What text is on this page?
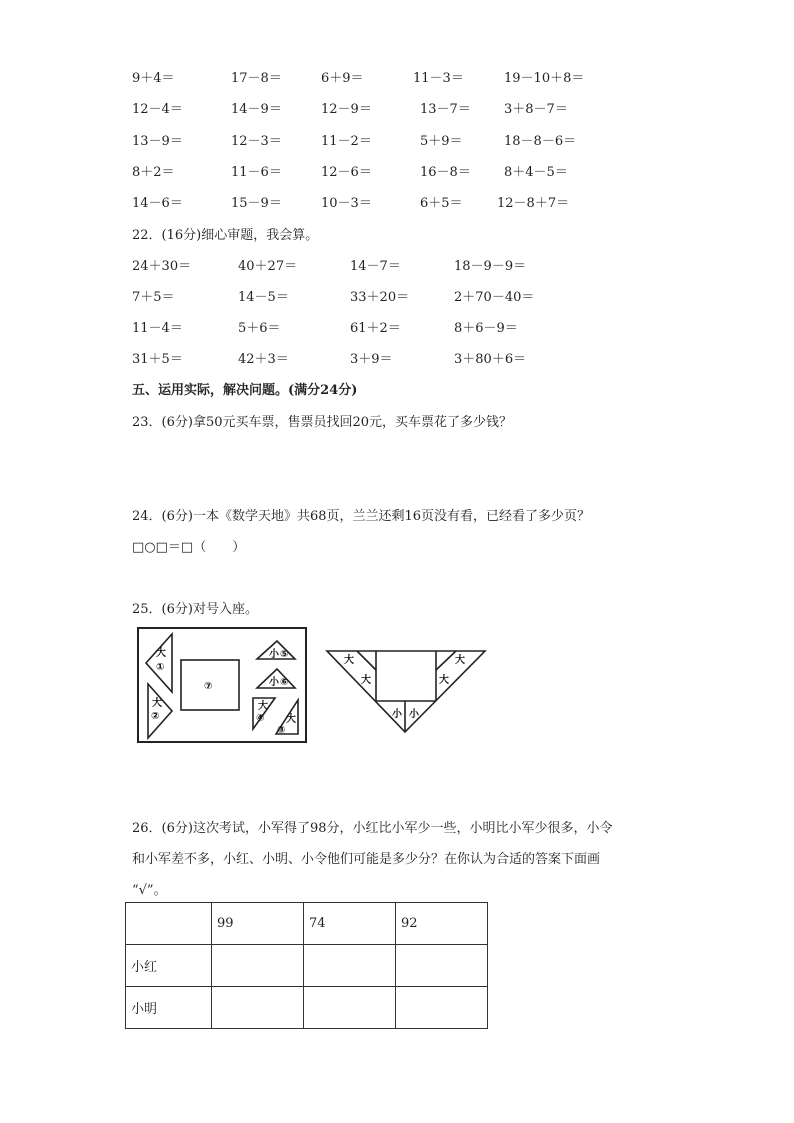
9＋4＝	17－8＝	6＋9＝	11－3＝	19－10＋8＝
12－4＝	14－9＝	12－9＝	13－7＝	3＋8－7＝
13－9＝	12－3＝	11－2＝	5＋9＝	18－8－6＝
8＋2＝	11－6＝	12－6＝	16－8＝	8＋4－5＝
14－6＝	15－9＝	10－3＝	6＋5＝	12－8＋7＝
22．(16分)细心审题，我会算。
24＋30＝	40＋27＝	14－7＝	18－9－9＝
7＋5＝	14－5＝	33＋20＝	2＋70－40＝
11－4＝	5＋6＝	61＋2＝	8＋6－9＝
31＋5＝	42＋3＝	3＋9＝	3＋80＋6＝
五、运用实际，解决问题。(满分24分)
23．(6分)拿50元买车票，售票员找回20元，买车票花了多少钱？
24．(6分)一本《数学天地》共68页，兰兰还剩16页没有看，已经看了多少页？
□○□＝□（　　）
25．(6分)对号入座。
大
①
大
②
⑦
小 ⑤
小 ⑥
大
④ 大
③
大
大
大
大
小 小
26．(6分)这次考试，小军得了98分，小红比小军少一些，小明比小军少很多，小令
和小军差不多，小红、小明、小令他们可能是多少分？在你认为合适的答案下面画
“√”。
	99	74	92
小红			
小明			
